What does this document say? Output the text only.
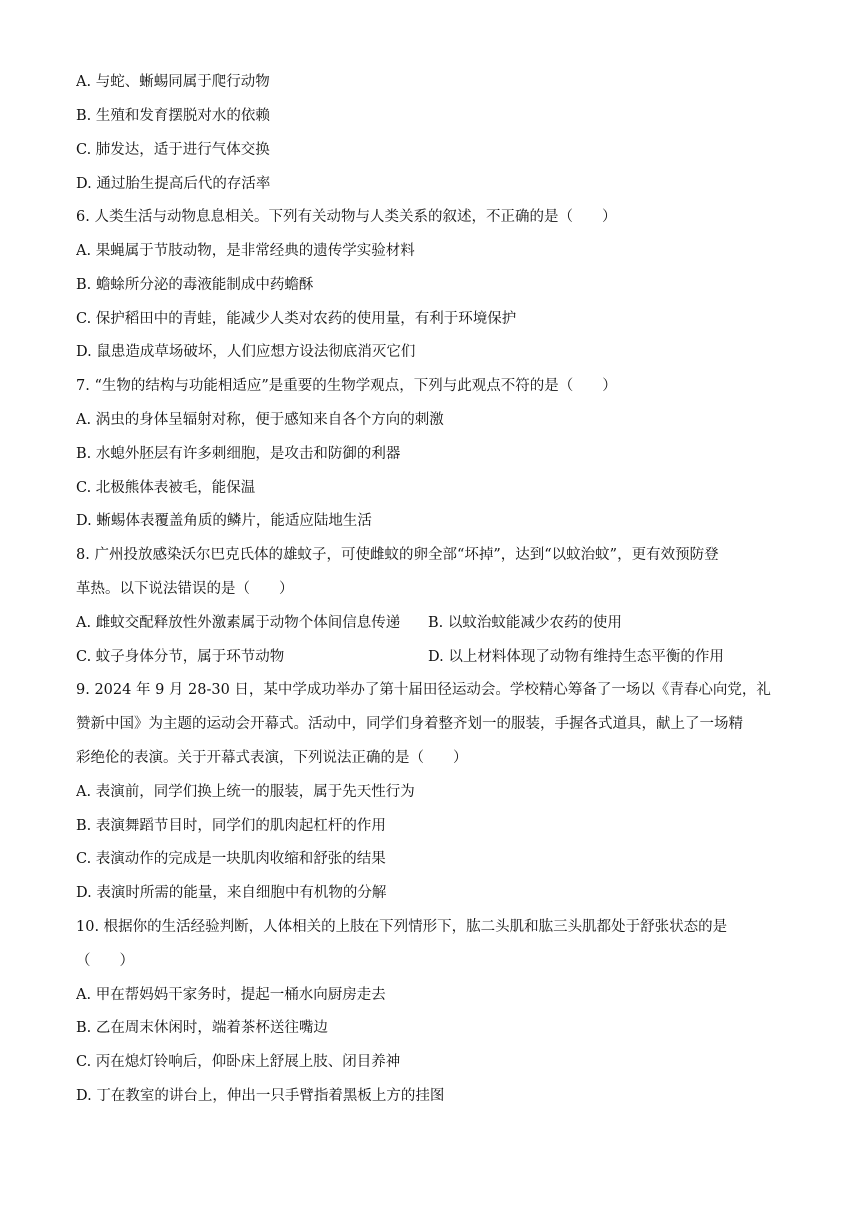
A. 与蛇、蜥蜴同属于爬行动物
B. 生殖和发育摆脱对水的依赖
C. 肺发达，适于进行气体交换
D. 通过胎生提高后代的存活率
6. 人类生活与动物息息相关。下列有关动物与人类关系的叙述，不正确的是（　　）
A. 果蝇属于节肢动物，是非常经典的遗传学实验材料
B. 蟾蜍所分泌的毒液能制成中药蟾酥
C. 保护稻田中的青蛙，能减少人类对农药的使用量，有利于环境保护
D. 鼠患造成草场破坏，人们应想方设法彻底消灭它们
7. “生物的结构与功能相适应”是重要的生物学观点，下列与此观点不符的是（　　）
A. 涡虫的身体呈辐射对称，便于感知来自各个方向的刺激
B. 水螅外胚层有许多刺细胞，是攻击和防御的利器
C. 北极熊体表被毛，能保温
D. 蜥蜴体表覆盖角质的鳞片，能适应陆地生活
8. 广州投放感染沃尔巴克氏体的雄蚊子，可使雌蚊的卵全部“坏掉”，达到“以蚊治蚊”，更有效预防登
革热。以下说法错误的是（　　）
A. 雌蚊交配释放性外激素属于动物个体间信息传递 B. 以蚊治蚊能减少农药的使用
C. 蚊子身体分节，属于环节动物	D. 以上材料体现了动物有维持生态平衡的作用
9. 2024 年 9 月 28-30 日，某中学成功举办了第十届田径运动会。学校精心筹备了一场以《青春心向党，礼
赞新中国》为主题的运动会开幕式。活动中，同学们身着整齐划一的服装，手握各式道具，献上了一场精
彩绝伦的表演。关于开幕式表演，下列说法正确的是（　　）
A. 表演前，同学们换上统一的服装，属于先天性行为
B. 表演舞蹈节目时，同学们的肌肉起杠杆的作用
C. 表演动作的完成是一块肌肉收缩和舒张的结果
D. 表演时所需的能量，来自细胞中有机物的分解
10. 根据你的生活经验判断，人体相关的上肢在下列情形下，肱二头肌和肱三头肌都处于舒张状态的是
（　　）
A. 甲在帮妈妈干家务时，提起一桶水向厨房走去
B. 乙在周末休闲时，端着茶杯送往嘴边
C. 丙在熄灯铃响后，仰卧床上舒展上肢、闭目养神
D. 丁在教室的讲台上，伸出一只手臂指着黑板上方的挂图
